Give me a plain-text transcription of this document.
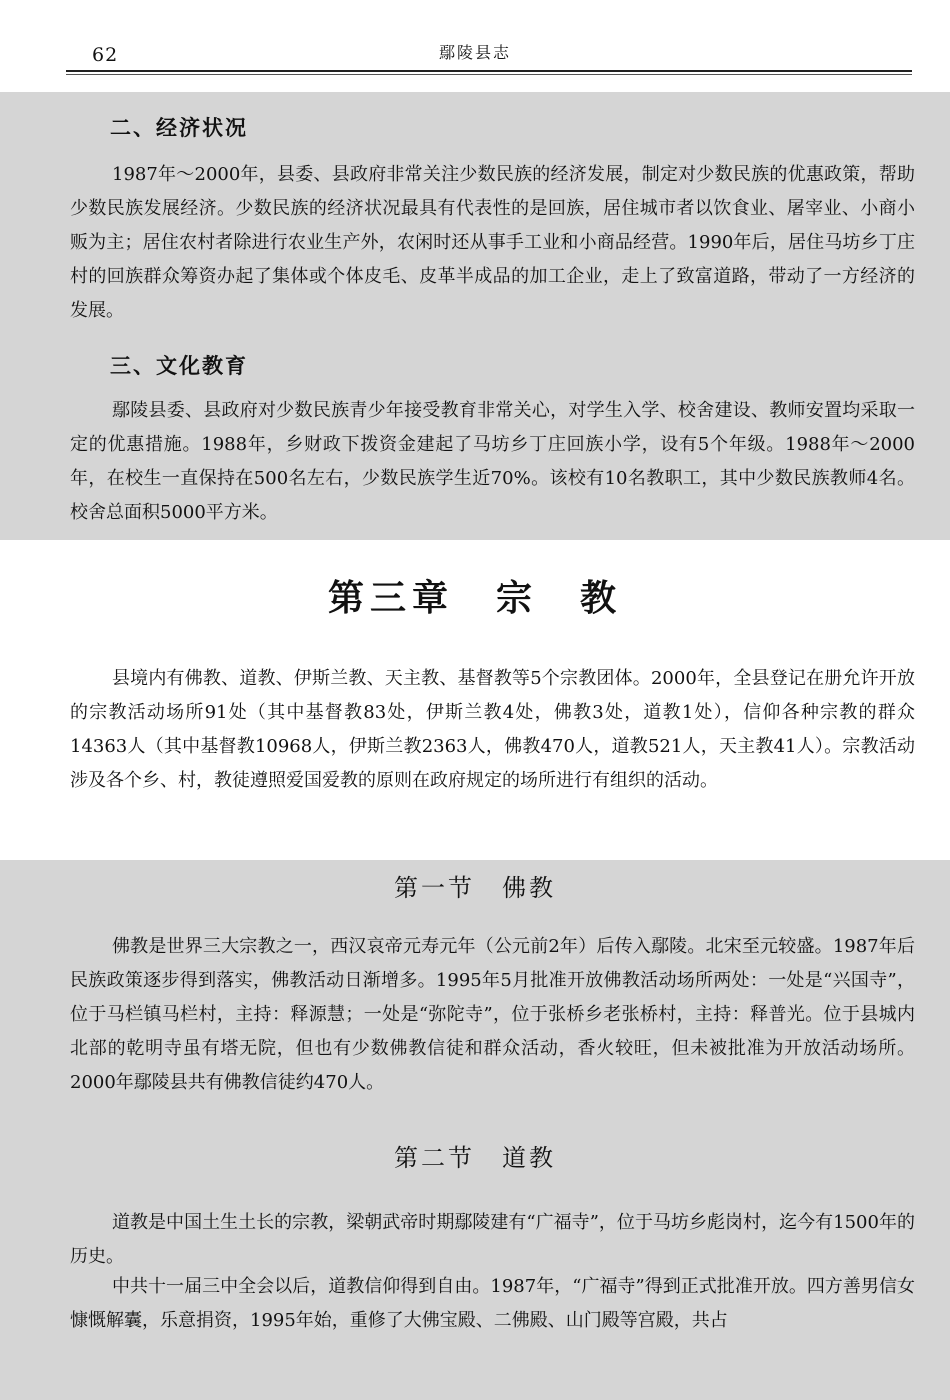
62	鄢陵县志
二、经济状况

1987年～2000年，县委、县政府非常关注少数民族的经济发展，制定对少数民族的优惠政策，帮助少数民族发展经济。少数民族的经济状况最具有代表性的是回族，居住城市者以饮食业、屠宰业、小商小贩为主；居住农村者除进行农业生产外，农闲时还从事手工业和小商品经营。1990年后，居住马坊乡丁庄村的回族群众筹资办起了集体或个体皮毛、皮革半成品的加工企业，走上了致富道路，带动了一方经济的发展。

三、文化教育

鄢陵县委、县政府对少数民族青少年接受教育非常关心，对学生入学、校舍建设、教师安置均采取一定的优惠措施。1988年，乡财政下拨资金建起了马坊乡丁庄回族小学，设有5个年级。1988年～2000年，在校生一直保持在500名左右，少数民族学生近70%。该校有10名教职工，其中少数民族教师4名。校舍总面积5000平方米。

第三章　宗　教

县境内有佛教、道教、伊斯兰教、天主教、基督教等5个宗教团体。2000年，全县登记在册允许开放的宗教活动场所91处（其中基督教83处，伊斯兰教4处，佛教3处，道教1处），信仰各种宗教的群众14363人（其中基督教10968人，伊斯兰教2363人，佛教470人，道教521人，天主教41人）。宗教活动涉及各个乡、村，教徒遵照爱国爱教的原则在政府规定的场所进行有组织的活动。

第一节　佛教

佛教是世界三大宗教之一，西汉哀帝元寿元年（公元前2年）后传入鄢陵。北宋至元较盛。1987年后民族政策逐步得到落实，佛教活动日渐增多。1995年5月批准开放佛教活动场所两处：一处是“兴国寺”，位于马栏镇马栏村，主持：释源慧；一处是“弥陀寺”，位于张桥乡老张桥村，主持：释普光。位于县城内北部的乾明寺虽有塔无院，但也有少数佛教信徒和群众活动，香火较旺，但未被批准为开放活动场所。2000年鄢陵县共有佛教信徒约470人。

第二节　道教

道教是中国土生土长的宗教，梁朝武帝时期鄢陵建有“广福寺”，位于马坊乡彪岗村，迄今有1500年的历史。

中共十一届三中全会以后，道教信仰得到自由。1987年，“广福寺”得到正式批准开放。四方善男信女慷慨解囊，乐意捐资，1995年始，重修了大佛宝殿、二佛殿、山门殿等宫殿，共占
